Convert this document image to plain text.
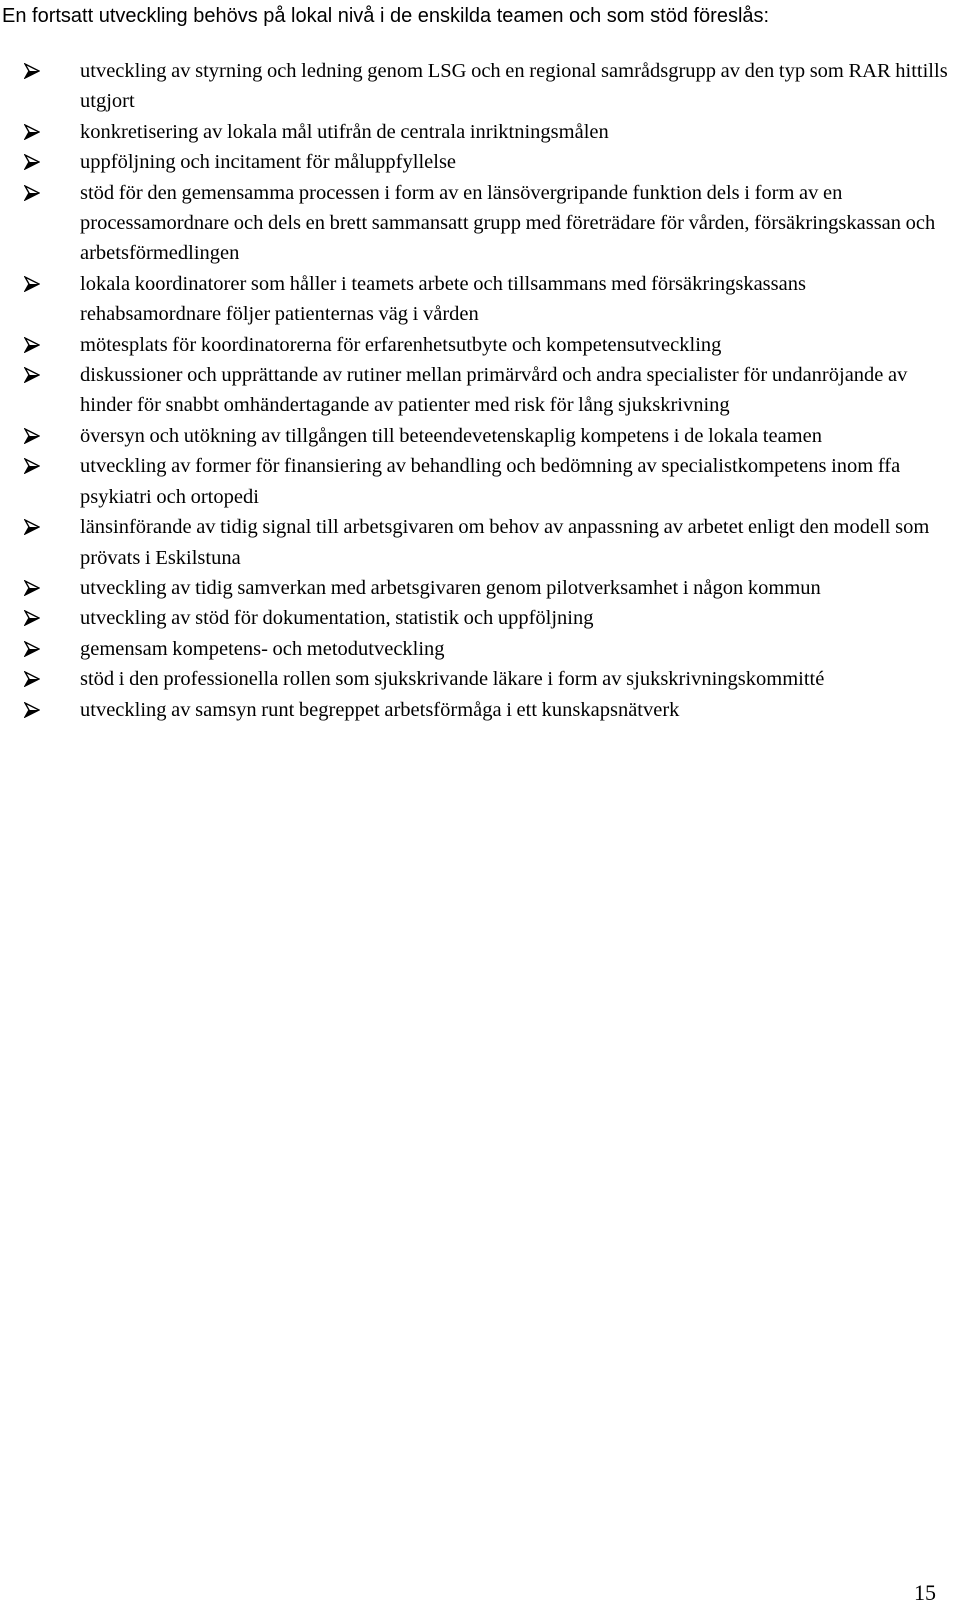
En fortsatt utveckling behövs på lokal nivå i de enskilda teamen och som stöd föreslås:
utveckling av styrning och ledning genom LSG och en regional samrådsgrupp av den typ som RAR hittills utgjort
konkretisering av lokala mål utifrån de centrala inriktningsmålen
uppföljning och incitament för måluppfyllelse
stöd för den gemensamma processen i form av en länsövergripande funktion dels i form av en processamordnare och dels en brett sammansatt grupp med företrädare för vården, försäkringskassan och arbetsförmedlingen
lokala koordinatorer som håller i teamets arbete och tillsammans med försäkringskassans rehabsamordnare följer patienternas väg i vården
mötesplats för koordinatorerna för erfarenhetsutbyte och kompetensutveckling
diskussioner och upprättande av rutiner mellan primärvård och andra specialister för undanröjande av hinder för snabbt omhändertagande av patienter med risk för lång sjukskrivning
översyn och utökning av tillgången till beteendevetenskaplig kompetens i de lokala teamen
utveckling av former för finansiering av behandling och bedömning av specialistkompetens inom ffa psykiatri och ortopedi
länsinförande av tidig signal till arbetsgivaren om behov av anpassning av arbetet enligt den modell som prövats i Eskilstuna
utveckling av tidig samverkan med arbetsgivaren genom pilotverksamhet i någon kommun
utveckling av stöd för dokumentation, statistik och uppföljning
gemensam kompetens- och metodutveckling
stöd i den professionella rollen som sjukskrivande läkare i form av sjukskrivningskommitté
utveckling av samsyn runt begreppet arbetsförmåga i ett kunskapsnätverk
15
